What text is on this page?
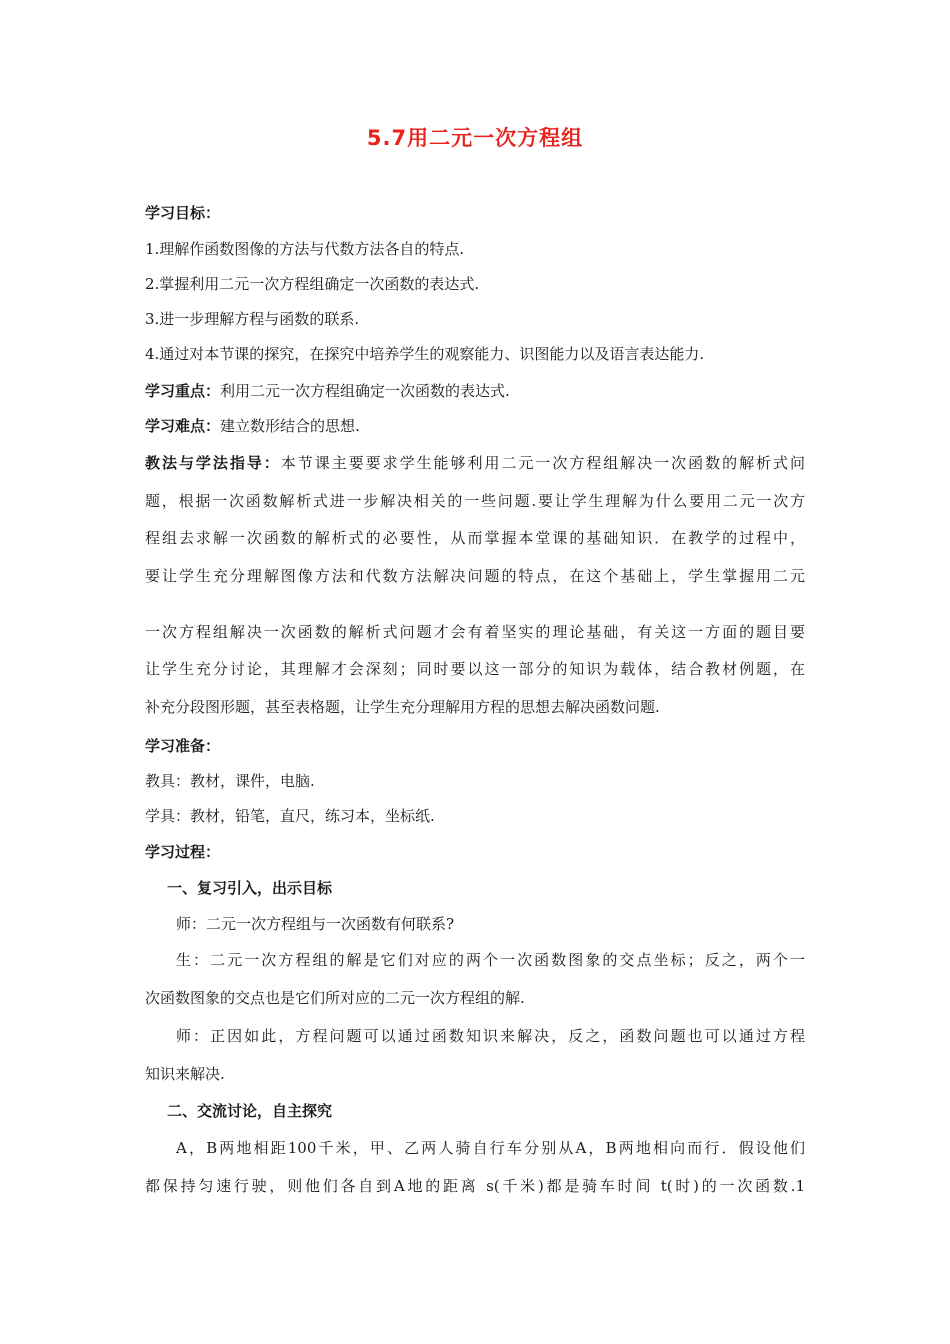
5.7用二元一次方程组
学习目标：
1.理解作函数图像的方法与代数方法各自的特点.
2.掌握利用二元一次方程组确定一次函数的表达式.
3.进一步理解方程与函数的联系.
4.通过对本节课的探究，在探究中培养学生的观察能力、识图能力以及语言表达能力.
学习重点：利用二元一次方程组确定一次函数的表达式.
学习难点：建立数形结合的思想.
教法与学法指导：本节课主要要求学生能够利用二元一次方程组解决一次函数的解析式问
题，根据一次函数解析式进一步解决相关的一些问题.要让学生理解为什么要用二元一次方
程组去求解一次函数的解析式的必要性，从而掌握本堂课的基础知识．在教学的过程中，
要让学生充分理解图像方法和代数方法解决问题的特点，在这个基础上，学生掌握用二元
一次方程组解决一次函数的解析式问题才会有着坚实的理论基础，有关这一方面的题目要
让学生充分讨论，其理解才会深刻；同时要以这一部分的知识为载体，结合教材例题，在
补充分段图形题，甚至表格题，让学生充分理解用方程的思想去解决函数问题.
学习准备：
教具：教材，课件，电脑.
学具：教材，铅笔，直尺，练习本，坐标纸.
学习过程：
一、复习引入，出示目标
师：二元一次方程组与一次函数有何联系?
生：二元一次方程组的解是它们对应的两个一次函数图象的交点坐标；反之，两个一
次函数图象的交点也是它们所对应的二元一次方程组的解.
师：正因如此，方程问题可以通过函数知识来解决，反之，函数问题也可以通过方程
知识来解决.
二、交流讨论，自主探究
A，B两地相距100千米，甲、乙两人骑自行车分别从A，B两地相向而行．假设他们
都保持匀速行驶，则他们各自到A地的距离 s(千米)都是骑车时间 t(时)的一次函数.1
